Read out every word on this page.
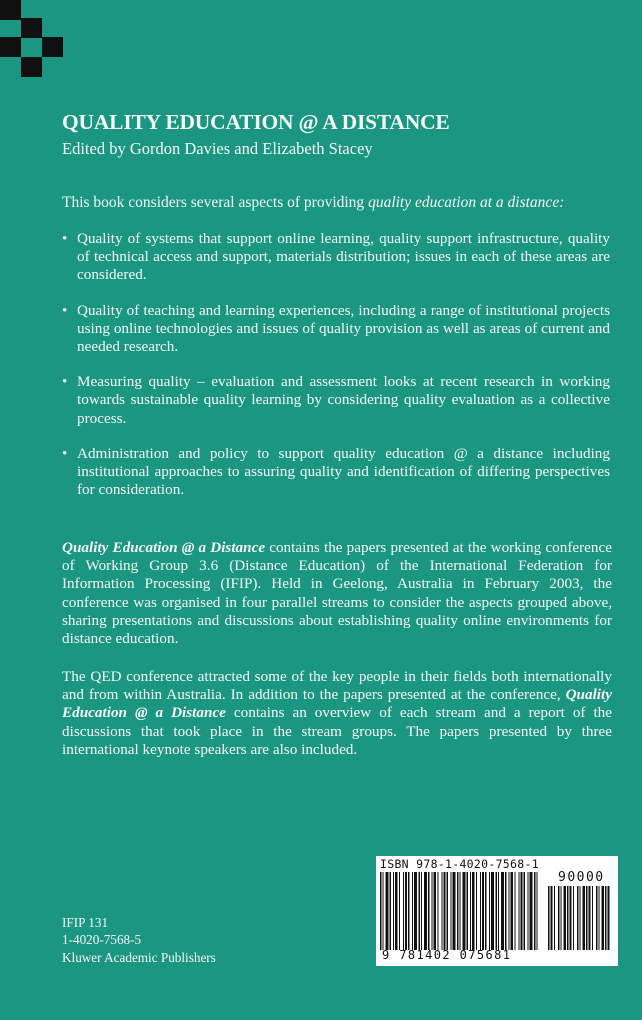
QUALITY EDUCATION @ A DISTANCE
Edited by Gordon Davies and Elizabeth Stacey
This book considers several aspects of providing quality education at a distance:
• Quality of systems that support online learning, quality support infrastructure, quality of technical access and support, materials distribution; issues in each of these areas are considered.
• Quality of teaching and learning experiences, including a range of institutional projects using online technologies and issues of quality provision as well as areas of current and needed research.
• Measuring quality – evaluation and assessment looks at recent research in working towards sustainable quality learning by considering quality evaluation as a collective process.
• Administration and policy to support quality education @ a distance including institutional approaches to assuring quality and identification of differing perspectives for consideration.

Quality Education @ a Distance contains the papers presented at the working conference of Working Group 3.6 (Distance Education) of the International Federation for Information Processing (IFIP). Held in Geelong, Australia in February 2003, the conference was organised in four parallel streams to consider the aspects grouped above, sharing presentations and discussions about establishing quality online environments for distance education.

The QED conference attracted some of the key people in their fields both internationally and from within Australia. In addition to the papers presented at the conference, Quality Education @ a Distance contains an overview of each stream and a report of the discussions that took place in the stream groups. The papers presented by three international keynote speakers are also included.

IFIP 131
1-4020-7568-5
Kluwer Academic Publishers
ISBN 978-1-4020-7568-1
90000
9 781402 075681
